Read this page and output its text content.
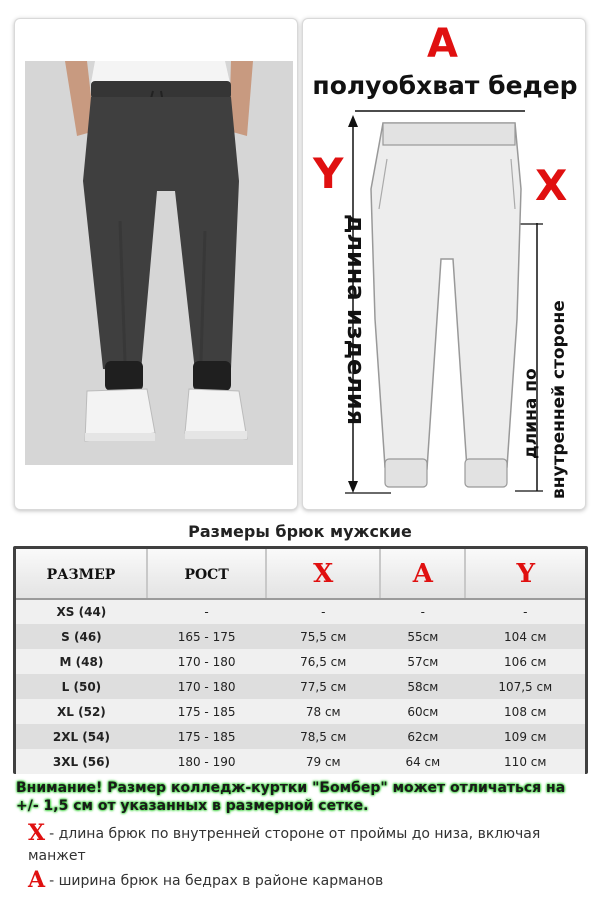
A
полуобхват бедер
Y	X
длина изделия	внутренней стороне
длина по
Размеры брюк мужские
РАЗМЕР	РОСТ	X	A	Y
XS (44)	-	-	-	-
S (46)	165 - 175	75,5 см	55см	104 см
M (48)	170 - 180	76,5 см	57см	106 см
L (50)	170 - 180	77,5 см	58см	107,5 см
XL (52)	175 - 185	78 см	60см	108 см
2XL (54)	175 - 185	78,5 см	62см	109 см
3XL (56)	180 - 190	79 см	64 см	110 см
Внимание! Размер колледж-куртки "Бомбер" может отличаться на +/- 1,5 см от указанных в размерной сетке.
X - длина брюк по внутренней стороне от проймы до низа, включая манжет
A - ширина брюк на бедрах в районе карманов
